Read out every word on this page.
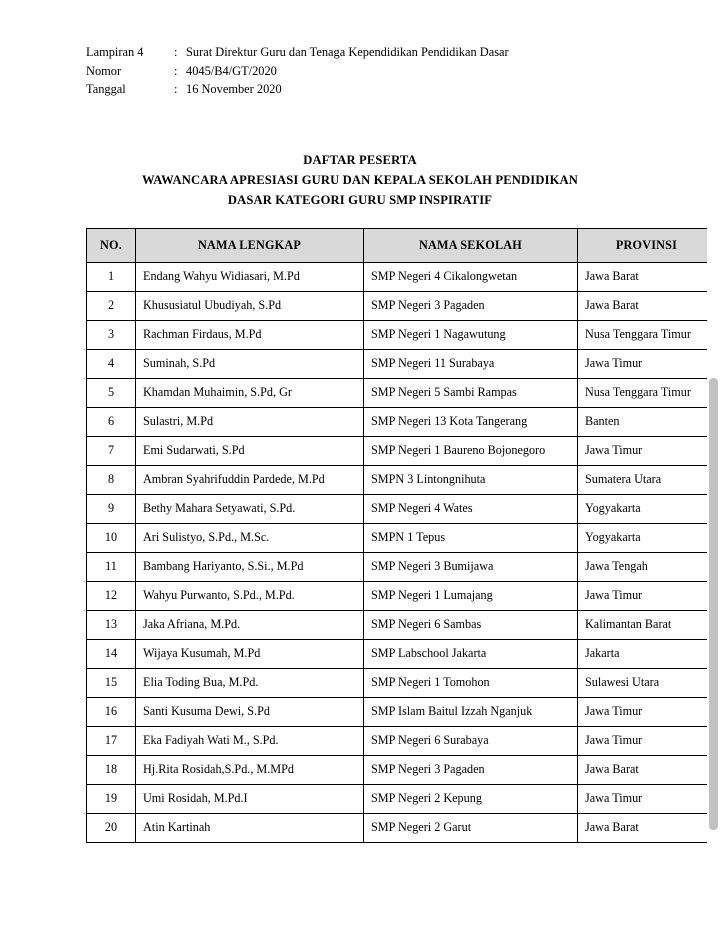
Lampiran 4	: Surat Direktur Guru dan Tenaga Kependidikan Pendidikan Dasar
Nomor	: 4045/B4/GT/2020
Tanggal	: 16 November 2020
DAFTAR PESERTA
WAWANCARA APRESIASI GURU DAN KEPALA SEKOLAH PENDIDIKAN
DASAR KATEGORI GURU SMP INSPIRATIF
NO.	NAMA LENGKAP	NAMA SEKOLAH	PROVINSI
1	Endang Wahyu Widiasari, M.Pd	SMP Negeri 4 Cikalongwetan	Jawa Barat
2	Khususiatul Ubudiyah, S.Pd	SMP Negeri 3 Pagaden	Jawa Barat
3	Rachman Firdaus, M.Pd	SMP Negeri 1 Nagawutung	Nusa Tenggara Timur
4	Suminah, S.Pd	SMP Negeri 11 Surabaya	Jawa Timur
5	Khamdan Muhaimin, S.Pd, Gr	SMP Negeri 5 Sambi Rampas	Nusa Tenggara Timur
6	Sulastri, M.Pd	SMP Negeri 13 Kota Tangerang	Banten
7	Emi Sudarwati, S.Pd	SMP Negeri 1 Baureno Bojonegoro	Jawa Timur
8	Ambran Syahrifuddin Pardede, M.Pd	SMPN 3 Lintongnihuta	Sumatera Utara
9	Bethy Mahara Setyawati, S.Pd.	SMP Negeri 4 Wates	Yogyakarta
10	Ari Sulistyo, S.Pd., M.Sc.	SMPN 1 Tepus	Yogyakarta
11	Bambang Hariyanto, S.Si., M.Pd	SMP Negeri 3 Bumijawa	Jawa Tengah
12	Wahyu Purwanto, S.Pd., M.Pd.	SMP Negeri 1 Lumajang	Jawa Timur
13	Jaka Afriana, M.Pd.	SMP Negeri 6 Sambas	Kalimantan Barat
14	Wijaya Kusumah, M.Pd	SMP Labschool Jakarta	Jakarta
15	Elia Toding Bua, M.Pd.	SMP Negeri 1 Tomohon	Sulawesi Utara
16	Santi Kusuma Dewi, S.Pd	SMP Islam Baitul Izzah Nganjuk	Jawa Timur
17	Eka Fadiyah Wati M., S.Pd.	SMP Negeri 6 Surabaya	Jawa Timur
18	Hj.Rita Rosidah,S.Pd., M.MPd	SMP Negeri 3 Pagaden	Jawa Barat
19	Umi Rosidah, M.Pd.I	SMP Negeri 2 Kepung	Jawa Timur
20	Atin Kartinah	SMP Negeri 2 Garut	Jawa Barat
